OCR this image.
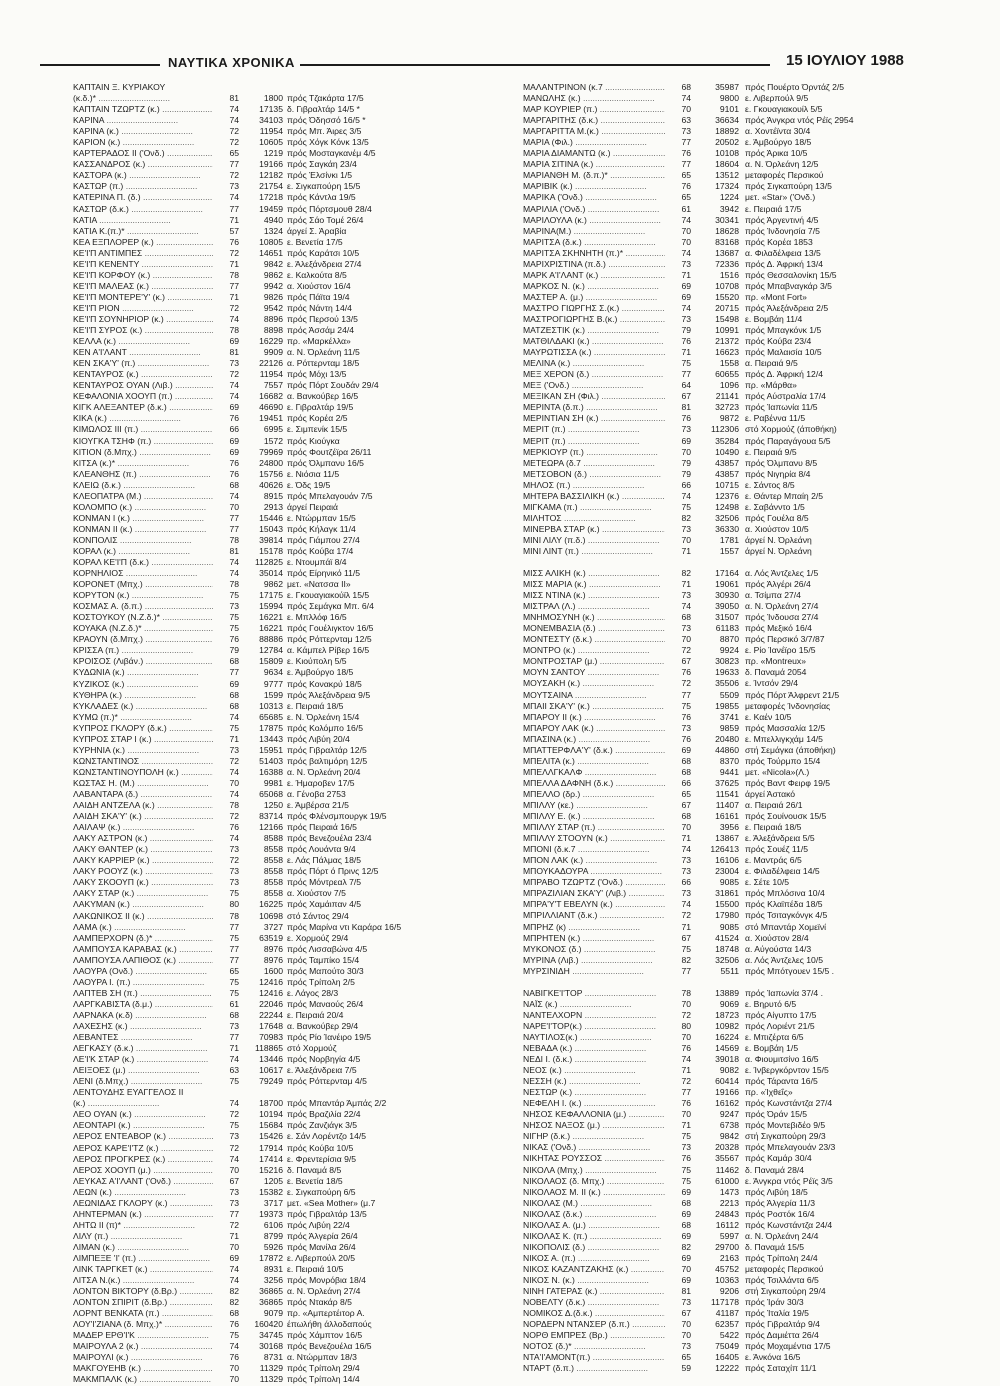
ΝΑΥΤΙΚΑ ΧΡΟΝΙΚΑ	15 ΙΟΥΛΙΟΥ 1988
ΚΑΠΤΑΙΝ Ξ. ΚΥΡΙΑΚΟΥ
(κ.δ.)* .....	81	1800 πρός Τζακάρτα 17/5
ΚΑΠΤΑΙΝ ΤΖΩΡΤΖ (κ.) .....	74	17135 δ. Γιβραλτάρ 14/5 *
ΚΑΡΙΝΑ .....	74	34103 πρός Όδησσό 16/5 *
ΚΑΡΙΝΑ (κ.) .....	72	11954 πρός Μπ. Άιρες 3/5
ΚΑΡΙΟΝ (κ.) .....	72	10605 πρός Χόγκ Κόνκ 13/5
ΚΑΡΤΕΡΑΔΟΣ II ('Ονδ.) .....	65	1219 πρός Μοσταγκανέμ 4/5
ΚΑΣΣΑΝΔΡΟΣ (κ.) .....	77	19166 πρός Σαγκάη 23/4
ΚΑΣΤΟΡΑ (κ.) .....	72	12182 πρός Έλσίνκι 1/5
ΚΑΣΤΩΡ (π.) .....	73	21754 ε. Σιγκαπούρη 15/5
ΚΑΤΕΡΙΝΑ Π. (δ.) .....	74	17218 πρός Κάντλα 19/5
ΚΑΣΤΩΡ (δ.κ.) .....	77	19459 πρός Πόρτσμουθ 28/4
ΚΑΤΙΑ .....	71	4940 πρός Σάο Τομέ 26/4
ΚΑΤΙΑ Κ.(π.)* .....	57	1324 άργεί Σ. Άραβία
ΚΕΑ ΕΞΠΛΟΡΕΡ (κ.) .....	76	10805 ε. Βενετία 17/5
ΚΕ'Ι'Π ΑΝΤΙΜΠΕΣ .....	72	14651 πρός Καράτσι 10/5
ΚΕ'Ι'Π ΚΕΝΕΝΤΥ .....	71	9842 ε. Άλεξάνδρεια 27/4
ΚΕ'Ι'Π ΚΟΡΦΟΥ (κ.) .....	78	9862 ε. Καλκούτα 8/5
ΚΕ'Ι'Π ΜΑΛΕΑΣ (κ.) .....	77	9942 α. Χιούστον 16/4
ΚΕ'Ι'Π ΜΟΝΤΕΡΕ'Υ' (κ.) .....	71	9826 πρός Πάϊτα 19/4
ΚΕ'Ι'Π ΡΙΟΝ .....	72	9542 πρός Νάντη 14/4
ΚΕ'Ι'Π ΣΟΥΝΗΡΙΟΡ (κ.) .....	74	8896 πρός Περσού 13/5
ΚΕ'Ι'Π ΣΥΡΟΣ (κ.) .....	78	8898 πρός Άσσάμ 24/4
ΚΕΛΛΑ (κ.) .....	69	16229 πρ. «Μαρκέλλα»
ΚΕΝ Α'Ι'ΛΑΝΤ .....	81	9909 α. Ν. Όρλεάνη 11/5
ΚΕΝ ΣΚΑ'Υ' (π.) .....	73	22126 α. Ρόττερνταμ 18/5
ΚΕΝΤΑΥΡΟΣ (κ.) .....	72	11954 πρός Μόχι 13/5
ΚΕΝΤΑΥΡΟΣ ΟΥΑΝ (Λιβ.) .....	74	7557 πρός Πόρτ Σουδάν 29/4
ΚΕΦΑΛΟΝΙΑ ΧΟΟΥΠ (π.) .....	74	16682 α. Βανκούβερ 16/5
ΚΙΓΚ ΑΛΕΞΑΝΤΕΡ (δ.κ.) .....	69	46690 ε. Γιβραλτάρ 19/5
ΚΙΚΑ (κ.) .....	76	19451 πρός Κορέα 2/5
ΚΙΜΩΛΟΣ III (π.) .....	66	6995 ε. Σιμπενίκ 15/5
ΚΙΟΥΓΚΑ ΤΣΗΦ (π.) .....	69	1572 πρός Κιούγκα
ΚΙΤΙΟΝ (δ.Μπχ.) .....	69	79969 πρός Φουτζέϊρα 26/11
ΚΙΤΣΑ (κ.)* .....	76	24800 πρός Όλμπανυ 16/5
ΚΛΕΑΝΘΗΣ (π.) .....	76	15756 ε. Νιόσια 11/5
ΚΛΕΙΩ (δ.κ.) .....	68	40626 ε. Όδς 19/5
ΚΛΕΟΠΑΤΡΑ (Μ.) .....	74	8915 πρός Μπελαγουάν 7/5
ΚΟΛΟΜΠΟ (κ.) .....	70	2913 άργεί Πειραιά
ΚΟΝΜΑΝ Ι (κ.) .....	77	15446 ε. Ντώρμπαν 15/5
ΚΟΝΜΑΝ ΙΙ (κ.) .....	77	15043 πρός Κήλαγκ 11/4
ΚΟΝΠΟΛΙΣ .....	78	39814 πρός Γιάμπου 27/4
ΚΟΡΑΛ (κ.) .....	81	15178 πρός Κούβα 17/4
ΚΟΡΑΛ ΚΕ'Ι'Π (δ.κ.) .....	74	112825 ε. Ντουμπάϊ 8/4
ΚΟΡΝΗΛΙΟΣ .....	74	35014 πρός Είρηνικό 11/5
ΚΟΡΟΝΕΤ (Μπχ.) .....	78	9862 μετ. «Νατσσα ΙΙ»
ΚΟΡΥΤΟΝ (κ.) .....	75	17175 ε. Γκουαγιακούϊλ 15/5
ΚΟΣΜΑΣ Α. (δ.π.) .....	73	15994 πρός Σεμάγκα Μπ. 6/4
ΚΟΣΤΟΥΚΟΥ (Ν.Ζ.δ.)* .....	75	16221 ε. Μπλλόφ 16/5
ΚΟΥΑΚΑ (Ν.Ζ.δ.)* .....	75	16221 πρός Γουέλιγκτον 16/5
ΚΡΑΟΥΝ (δ.Μπχ.) .....	76	88886 πρός Ρόττερνταμ 12/5
ΚΡΙΣΣΑ (π.) .....	79	12784 α. Κάμπελ Ρίβερ 16/5
ΚΡΟΙΣΟΣ (Λιβάν.) .....	68	15809 ε. Κιούπολη 5/5
ΚΥΔΩΝΙΑ (κ.) .....	77	9634 ε. Άμβούργο 18/5
ΚΥΖΙΚΟΣ (κ.) .....	69	9777 πρός Κονακρύ 18/5
ΚΥΘΗΡΑ (κ.) .....	68	1599 πρός Άλεξάνδρεια 9/5
ΚΥΚΛΑΔΕΣ (κ.) .....	68	10313 ε. Πειραιά 18/5
ΚΥΜΩ (π.)* .....	74	65685 ε. Ν. Όρλεάνη 15/4
ΚΥΠΡΟΣ ΓΚΛΟΡΥ (δ.κ.) .....	75	17875 πρός Κολόμπο 16/5
ΚΥΠΡΟΣ ΣΤΑΡ Ι (κ.) .....	71	13443 πρός Λιβύη 20/4
ΚΥΡΗΝΙΑ (κ.) .....	73	15951 πρός Γιβραλτάρ 12/5
ΚΩΝΣΤΑΝΤΙΝΟΣ .....	72	51403 πρός βαλτιμόρη 12/5
ΚΩΝΣΤΑΝΤΙΝΟΥΠΟΛΗ (κ.) .....	74	16388 α. Ν. Όρλεάνη 20/4
ΚΩΣΤΑΣ Η. (Μ.) .....	70	9981 ε. Ήμαροβεν 17/5
ΛΑΒΑΝΤΑΡΑ (δ.) .....	74	65068 α. Γένοβα 2753
ΛΑΙΔΗ ΑΝΤΖΕΛΑ (κ.) .....	78	1250 ε. Άμβέρσα 21/5
ΛΑΙΔΗ ΣΚΑ'Υ' (κ.) .....	72	83714 πρός Φλένσμπουργκ 19/5
ΛΑΙΛΑΨ (κ.) .....	76	12166 πρός Πειραιά 16/5
ΛΑΚΥ ΑΣΤΡΟΝ (κ.) .....	74	8588 πρός Βενεζουέλα 23/4
ΛΑΚΥ ΘΑΝΤΕΡ (κ.) .....	73	8558 πρός Λουάντα 9/4
ΛΑΚΥ ΚΑΡΡΙΕΡ (κ.) .....	72	8558 ε. Λάς Πάλμας 18/5
ΛΑΚΥ ΡΟΟΥΖ (κ.) .....	73	8558 πρός Πόρτ ό Πρινς 12/5
ΛΑΚΥ ΣΚΟΟΥΠ (κ.) .....	73	8558 πρός Μόντρεαλ 7/5
ΛΑΚΥ ΣΤΑΡ (κ.) .....	75	8558 α. Χιούστον 7/5
ΛΑΚΥΜΑΝ (κ.) .....	80	16225 πρός Χαμάιπαν 4/5
ΛΑΚΩΝΙΚΟΣ II (κ.) .....	78	10698 στό Σάντος 29/4
ΛΑΜΑ (κ.) .....	77	3727 πρός Μαρίνα ντι Καράρα 16/5
ΛΑΜΠΕΡΧΟΡΝ (δ.)* .....	75	63519 ε. Χορμούζ 29/4
ΛΑΜΠΟΥΣΑ ΚΑΡΑΒΑΣ (κ.) .....	77	8976 πρός Λισσαβώνα 4/5
ΛΑΜΠΟΥΣΑ ΛΑΠΙΘΟΣ (κ.) .....	77	8976 πρός Ταμπίκο 15/4
ΛΑΟΥΡΑ (Ονδ.) .....	65	1600 πρός Μαπούτο 30/3
ΛΑΟΥΡΑ Ι. (π.) .....	75	12416 πρός Τρίπολη 2/5
ΛΑΠΤΕΒ ΣΗ (π.) .....	75	12416 ε. Λάγος 28/3
ΛΑΡΓΚΑΒΙΣΤΑ (δ.μ.) .....	61	22046 πρός Μαναούς 26/4
ΛΑΡΝΑΚΑ (κ.δ) .....	68	22244 ε. Πειραιά 20/4
ΛΑΧΕΣΗΣ (κ.) .....	73	17648 α. Βανκούβερ 29/4
ΛΕΒΑΝΤΕΣ .....	77	70983 πρός Ρίο Ίανέιρο 19/5
ΛΕΓΚΑΣΥ (δ.κ.) .....	71	118865 στό Χορμούζ
ΛΕ'Ι'Κ ΣΤΑΡ (κ.) .....	74	13446 πρός Νορβηγία 4/5
ΛΕΙΞΟΕΣ (μ.) .....	63	10617 ε. Άλεξάνδρεια 7/5
ΛΕΝΙ (δ.Μπχ.) .....	75	79249 πρός Ρόττερνταμ 4/5
ΛΕΝΤΟΥΔΗΣ ΕΥΑΓΓΕΛΟΣ ΙΙ
(κ.) .....	74	18700 πρός Μπαντάρ Άμπάς 2/2
ΛΕΟ ΟΥΑΝ (κ.) .....	72	10194 πρός Βραζιλία 22/4
ΛΕΟΝΤΑΡΙ (κ.) .....	75	15684 πρός Ζανζιάγκ 3/5
ΛΕΡΟΣ ΕΝΤΕΑΒΟΡ (κ.) .....	73	15426 ε. Σάν Λορέντζο 14/5
ΛΕΡΟΣ ΚΑΡΕ'Ι'ΤΖ (κ.) .....	72	17914 πρός Κούβα 10/5
ΛΕΡΟΣ ΠΡΟΓΚΡΕΣ (κ.) .....	74	17414 ε. Φρεντερίσια 9/5
ΛΕΡΟΣ ΧΟΟΥΠ (μ.) .....	70	15216 δ. Παναμά 8/5
ΛΕΥΚΑΣ Α'Ι'ΛΑΝΤ ('Ονδ.) .....	67	1205 ε. Βενετία 18/5
ΛΕΩΝ (κ.) .....	73	15382 ε. Σιγκαπούρη 6/5
ΛΕΩΝΙΔΑΣ ΓΚΛΟΡΥ (κ.) .....	73	3717 μετ. «Sea Mother» (μ.7
ΛΗΝΤΕΡΜΑΝ (κ.) .....	77	19373 πρός Γιβραλτάρ 13/5
ΛΗΤΩ ΙΙ (π)* .....	72	6106 πρός Λιβύη 22/4
ΛΙΛΥ (π.) .....	71	8799 πρός Άλγερία 26/4
ΛΙΜΑΝ (κ.) .....	70	5926 πρός Μανίλα 26/4
ΛΙΜΠΕΞΕ 'Ι' (π.) .....	69	17872 ε. Λιβερπούλ 20/5
ΛΙΝΚ ΤΑΡΓΚΕΤ (κ.) .....	74	8931 ε. Πειραιά 10/5
ΛΙΤΣΑ Ν.(κ.) .....	74	3256 πρός Μονρόβια 18/4
ΛΟΝΤΟΝ ΒΙΚΤΟΡΥ (δ.Βρ.) .....	82	36865 α. Ν. Όρλεάνη 27/4
ΛΟΝΤΟΝ ΣΠΙΡΙΤ (δ.Βρ.) .....	82	36865 πρός Ντακάρ 8/5
ΛΟΡΝΤ ΒΕΝΚΑΤΑ (π.) .....	68	9079 πρ. «Αμπερτέιτορ Α.
ΛΟΥ'Ι'ΖΙΑΝΑ (δ. Μπχ.)* .....	76	160420 έπωλήθη άλλοδαπούς
ΜΑΔΕΡ ΕΡΘ'Ι'Κ .....	75	34745 πρός Χάμπτον 16/5
ΜΑΙΡΟΥΛΑ 2 (κ.) .....	74	30168 πρός Βενεζουέλα 16/5
ΜΑΙΡΟΥΛΙ (κ.) .....	76	8731 α. Ντώρμπαν 18/3
ΜΑΚΓΟΥΕΗΒ (κ.) .....	70	11329 πρός Τρίπολη 29/4
ΜΑΚΜΠΑΛΚ (κ.) .....	70	11329 πρός Τρίπολη 14/4
ΜΑΛΑΝΤΡΙΝΟΝ (κ.7 .....	68	35987 πρός Πουέρτο Όρντάζ 2/5
ΜΑΝΩΛΗΣ (κ.) .....	74	9800 ε. Λιβερπούλ 9/5
ΜΑΡ ΚΟΥΡΙΕΡ (π.) .....	70	9101 ε. Γκουαγιακουίλ 5/5
ΜΑΡΓΑΡΙΤΗΣ (δ.κ.) .....	63	36634 πρός Άνγκρα ντός Ρέϊς 2954
ΜΑΡΓΑΡΙΤΤΑ Μ.(κ.) .....	73	18892 α. Χοντέϊντα 30/4
ΜΑΡΙΑ (Φιλ.) .....	77	20502 ε. Άμβούργο 18/5
ΜΑΡΙΑ ΔΙΑΜΑΝΤΩ (κ.) .....	76	10108 πρός Άρικα 10/5
ΜΑΡΙΑ ΣΙΤΙΝΑ (κ.) .....	77	18604 α. Ν. Όρλεάνη 12/5
ΜΑΡΙΑΝΘΗ Μ. (δ.π.)* .....	65	13512 μεταφορές Περσικού
ΜΑΡΙΒΙΚ (κ.) .....	76	17324 πρός Σιγκαπούρη 13/5
ΜΑΡΙΚΑ ('Ονδ.) .....	65	1224 μετ. «Star» ('Ονδ.)
ΜΑΡΙΛΙΑ ('Ονδ.) .....	61	3942 ε. Πειραιά 17/5
ΜΑΡΙΛΟΥΛΑ (κ.) .....	74	30341 πρός Άργεντινή 4/5
ΜΑΡΙΝΑ(Μ.) .....	70	18628 πρός Ίνδονησία 7/5
ΜΑΡΙΤΣΑ (δ.κ.) .....	70	83168 πρός Κορέα 1853
ΜΑΡΙΤΣΑ ΣΚΗΝΗΤΗ (π.)* .....	74	13687 α. Φιλαδέλφεια 13/5
ΜΑΡΙΧΡΙΣΤΙΝΑ (π.δ.) .....	73	72336 πρός Δ. Άφρική 13/4
ΜΑΡΚ Α'Ι'ΛΑΝΤ (κ.) .....	71	1516 πρός Θεσσαλονίκη 15/5
ΜΑΡΚΟΣ Ν. (κ.) .....	69	10708 πρός Μπαβναγκάρ 3/5
ΜΑΣΤΕΡ Α. (μ.) .....	69	15520 πρ. «Mont Fort»
ΜΑΣΤΡΟ ΓΙΩΡΓΗΣ Σ.(κ.) .....	74	20715 πρός Άλεξάνδρεια 2/5
ΜΑΣΤΡΟΓΙΩΡΓΗΣ Β.(κ.) .....	73	15498 ε. Βομβάη 11/4
ΜΑΤΖΕΣΤΙΚ (κ.) .....	79	10991 πρός Μπαγκόνκ 1/5
ΜΑΤΘΙΛΔΑΚΙ (κ.) .....	76	21372 πρός Κούβα 23/4
ΜΑΥΡΩΤΙΣΣΑ (κ.) .....	71	16623 πρός Μαλαισία 10/5
ΜΕΛΙΝΑ (κ.) .....	75	1558 α. Πειραιά 9/5
ΜΕΞ ΧΕΡΟΝ (δ.) .....	77	60655 πρός Δ. Άφρική 12/4
ΜΕΞ ('Ονδ.) .....	64	1096 πρ. «Μάρθα»
ΜΕΞΙΚΑΝ ΣΗ (Φιλ.) .....	67	21141 πρός Αύστραλία 17/4
ΜΕΡΙΝΤΑ (δ.π.) .....	81	32723 πρός Ίαπωνία 11/5
ΜΕΡΙΝΤΙΑΝ ΣΗ (κ.) .....	76	9872 ε. Ραβέννα 11/5
ΜΕΡΙΤ (π.) .....	73	112306 στό Χορμούζ (άποθήκη)
ΜΕΡΙΤ (π.) .....	69	35284 πρός Παραγάγουα 5/5
ΜΕΡΚΙΟΥΡ (π.) .....	70	10490 ε. Πειραιά 9/5
ΜΕΤΕΩΡΑ (δ.7 .....	79	43857 πρός Όλμπανυ 8/5
ΜΕΤΣΟΒΟΝ (δ.) .....	79	43857 πρός Νιγηρία 8/4
ΜΗΛΟΣ (π.) .....	66	10715 ε. Σάντος 8/5
ΜΗΤΕΡΑ ΒΑΣΣΙΛΙΚΗ (κ.) .....	74	12376 ε. Θάντερ Μπαίη 2/5
ΜΙΓΚΑΜΑ (π.) .....	75	12498 ε. Σαβάνντο 1/5
ΜΙΛΗΤΟΣ .....	82	32506 πρός Γουέλα 8/5
ΜΙΝΕΡΒΑ ΣΤΑΡ (κ.) .....	73	36330 α. Χιούστον 10/5
ΜΙΝΙ ΛΙΛΥ (π.δ.) .....	70	1781 άργεί Ν. Όρλεάνη
ΜΙΝΙ ΛΙΝΤ (π.) .....	71	1557 άργεί Ν. Όρλεάνη
ΜΙΣΣ ΑΛΙΚΗ (κ.) .....	82	17164 α. Λός Άντζελες 1/5
ΜΙΣΣ ΜΑΡΙΑ (κ.) .....	71	19061 πρός Άλγέρι 26/4
ΜΙΣΣ ΝΤΙΝΑ (κ.) .....	73	30930 α. Τσίμπα 27/4
ΜΙΣΤΡΑΛ (Λ.) .....	74	39050 α. Ν. Όρλεάνη 27/4
ΜΝΗΜΟΣΥΝΗ (κ.) .....	68	31507 πρός Ίνδουσα 27/4
ΜΟΝΕΜΒΑΣΙΑ (δ.) .....	73	61183 πρός Μεξικό 16/4
ΜΟΝΤΕΣΤΥ (δ.κ.) .....	70	8870 πρός Περσικό 3/7/87
ΜΟΝΤΡΟ (κ.) .....	72	9924 ε. Ρίο Ίανέϊρο 15/5
ΜΟΝΤΡΟΣΤΑΡ (μ.) .....	67	30823 πρ. «Montreux»
ΜΟΥΝ ΣΑΝΤΟΥ .....	76	19633 δ. Παναμά 2054
ΜΟΥΣΑΚΗ (κ.) .....	72	35506 ε. Ίντσόν 29/4
ΜΟΥΤΣΑΙΝΑ .....	77	5509 πρός Πόρτ Άλφρεντ 21/5
ΜΠΑΙΙ ΣΚΑ'Υ' (κ.) .....	75	19855 μεταφορές Ίνδονησίας
ΜΠΑΡΟΥ ΙΙ (κ.) .....	76	3741 ε. Καέν 10/5
ΜΠΑΡΟΥ ΛΑΚ (κ.) .....	73	9859 πρός Μασσαλία 12/5
ΜΠΑΣΙΝΑ (κ.) .....	76	20480 ε. Μπελλιγκχάμ 14/5
ΜΠΑΤΤΕΡΦΛΑ'Υ' (δ.κ.) .....	69	44860 στή Σεμάγκα (άποθήκη)
ΜΠΕΛΙΤΑ (κ.) .....	68	8370 πρός Τούρμπο 15/4
ΜΠΕΛΛΓΚΑΛΦ .....	68	9441 μετ. «Nicola»(Λ.)
ΜΠΕΛΛΑ ΔΑΦΝΗ (δ.κ.) .....	66	37625 πρός Βαντ Φειρφ 19/5
ΜΠΕΛΛΟ (δρ.) .....	65	11541 άργεί Άστακό
ΜΠΙΛΛΥ (κε.) .....	67	11407 α. Πειραιά 26/1
ΜΠΙΛΛΥ Ε. (κ.) .....	68	16161 πρός Σουίνουσκ 15/5
ΜΠΙΛΛΥ ΣΤΑΡ (π.) .....	70	3956 ε. Πειραιά 18/5
ΜΠΙΛΛΥ ΣΤΟΟΥΝ (κ.) .....	71	13867 ε. Άλεξάνδρεια 5/5
ΜΠΟΝΙ (δ.κ.7 .....	74	126413 πρός Σουέζ 11/5
ΜΠΟΝ ΛΑΚ (κ.) .....	73	16106 ε. Μαντράς 6/5
ΜΠΟΥΚΑΔΟΥΡΑ .....	73	23004 ε. Φιλαδέλφεια 14/5
ΜΠΡΑΒΟ ΤΖΩΡΤΖ ('Ονδ.) .....	66	9085 ε. Σέτε 10/5
ΜΠΡΑΖΙΛΙΑΝ ΣΚΑ'Υ' (Λιβ.) .....	73	31861 πρός Μπλόσινα 10/4
ΜΠΡΑ'Υ'Τ ΕΒΕΛΥΝ (κ.) .....	74	15500 πρός Κλαϊπέδα 18/5
ΜΠΡΙΛΛΙΑΝΤ (δ.κ.) .....	72	17980 πρός Τσιταγκόνγκ 4/5
ΜΠΡΗΖ (κ) .....	71	9085 στό Μπαντάρ Χομεϊνί
ΜΠΡΗΤΕΝ (κ.) .....	67	41524 α. Χιούστον 28/4
ΜΥΚΟΝΟΣ (δ.) .....	75	18748 α. Αύγούστα 14/3
ΜΥΡΙΝΑ (Λιβ.) .....	82	32506 α. Λός Άντζελες 10/5
ΜΥΡΣΙΝΙΔΗ .....	77	5511 πρός Μπότγουεν 15/5 .
ΝΑΒΙΓΚΕ'Ι'ΤΟΡ .....	78	13889 πρός Ίαπωνία 37/4 .
ΝΑΪΣ (κ.) .....	70	9069 ε. Βηρυτό 6/5
ΝΑΝΤΕΛΧΟΡΝ .....	72	18723 πρός Αίγυπτο 17/5
ΝΑΡΕ'Ι'ΤΟΡ(κ.) .....	80	10982 πρός Λοριέντ 21/5
ΝΑΥΤΙΛΟΣ(κ.) .....	70	16224 ε. Μπιζέρτα 6/5
ΝΕΒΑΔΑ (κ.) .....	76	14569 ε. Βομβάη 1/5
ΝΕΔΙ Ι. (δ.κ.) .....	74	39018 α. Φιουμιτσίνο 16/5
ΝΕΟΣ (κ.) .....	71	9082 ε. Ίνβεργκόρντον 15/5
ΝΕΣΣΗ (κ.) .....	72	60414 πρός Τάραντα 16/5
ΝΕΣΤΩΡ (κ.) .....	77	19166 πρ. «Ίχθεΐς»
ΝΕΦΕΛΗ Ι. (κ.) .....	76	16162 πρός Κωνστάντζα 27/4
ΝΗΣΟΣ ΚΕΦΑΛΛΟΝΙΑ (μ.) .....	70	9247 πρός Όράν 15/5
ΝΗΣΟΣ ΝΑΞΟΣ (μ.) .....	71	6738 πρός Μοντεβιδέο 9/5
ΝΙΓΗΡ (δ.κ.) .....	75	9842 στή Σιγκαπούρη 29/3
ΝΙΚΑΣ ('Ονδ.) .....	73	20328 πρός Μπελαγουάν 23/3
ΝΙΚΗΤΑΣ ΡΟΥΣΣΟΣ .....	76	35567 πρός Καμάρ 30/4
ΝΙΚΟΛΑ (Μπχ.) .....	75	11462 δ. Παναμά 28/4
ΝΙΚΟΛΑΟΣ (δ. Μπχ.) .....	75	61000 ε. Άνγκρα ντός Ρέϊς 3/5
ΝΙΚΟΛΑΟΣ Μ. ΙΙ (κ.) .....	69	1473 πρός Λιβύη 18/5
ΝΙΚΟΛΑΣ (Μ.) .....	68	2213 πρός Άλγερία 11/3
ΝΙΚΟΛΑΣ (δ.κ.) .....	69	24843 πρός Ροστόκ 16/4
ΝΙΚΟΛΑΣ Α. (μ.) .....	68	16112 πρός Κωνστάντζα 24/4
ΝΙΚΟΛΑΣ Κ. (π.) .....	69	5997 α. Ν. Όρλεάνη 24/4
ΝΙΚΟΠΟΛΙΣ (δ.) .....	82	29700 δ. Παναμά 15/5
ΝΙΚΟΣ Α. (π.) .....	69	2163 πρός Τρίπολη 24/4
ΝΙΚΟΣ ΚΑΖΑΝΤΖΑΚΗΣ (κ.) .....	70	45752 μεταφορές Περσικού
ΝΙΚΟΣ Ν. (κ.) .....	69	10363 πρός Τσιλλάντα 6/5
ΝΙΝΗ ΓΑΤΕΡΑΣ (κ.) .....	81	9206 στή Σιγκαπούρη 29/4
ΝΟΒΕΛΤΥ (δ.κ.) .....	73	117178 πρός Ίράν 30/3
ΝΟΜΙΚΟΣ Δ.(δ.κ.) .....	67	41187 πρός Ίταλία 19/5
ΝΟΡΔΕΡΝ ΝΤΑΝΣΕΡ (δ.π.) .....	70	62357 πρός Γιβραλτάρ 9/4
ΝΟΡΘ ΕΜΠΡΕΣ (Βρ.) .....	70	5422 πρός Δαμιέττα 26/4
ΝΟΤΟΣ (δ.)* .....	73	75049 πρός Μοχαμέντια 17/5
ΝΤΑ'Ι'ΑΜΟΝΤ(π.) .....	65	16405 ε. Άνκόνα 16/5
ΝΤΑΡΤ (δ.π.) .....	59	12222 πρός Σαταχίπ 11/1
